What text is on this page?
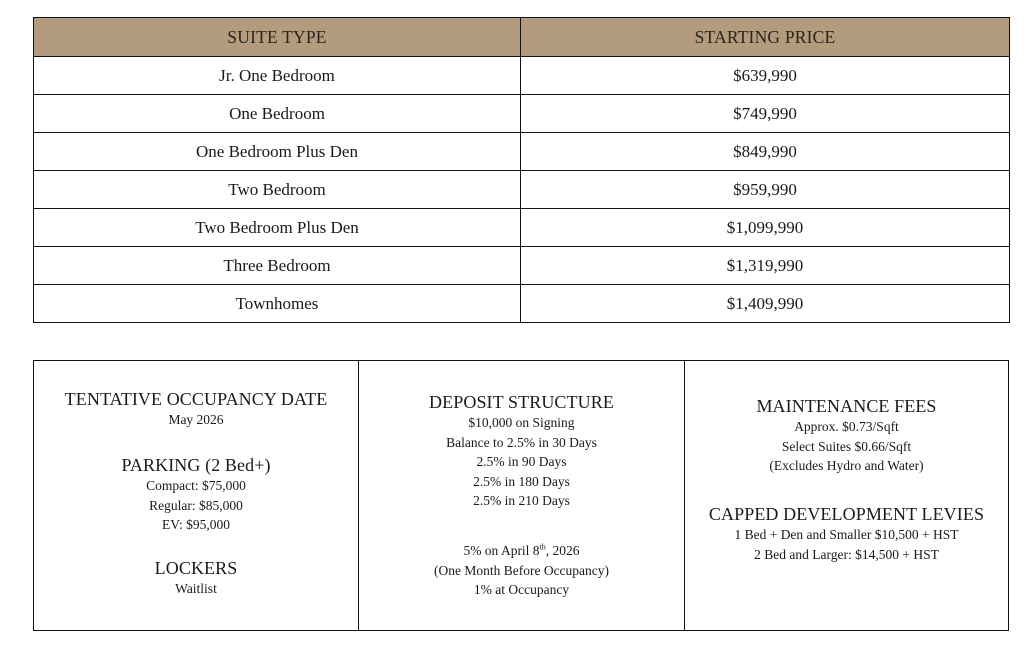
SUITE TYPE	STARTING PRICE
Jr. One Bedroom	$639,990
One Bedroom	$749,990
One Bedroom Plus Den	$849,990
Two Bedroom	$959,990
Two Bedroom Plus Den	$1,099,990
Three Bedroom	$1,319,990
Townhomes	$1,409,990

TENTATIVE OCCUPANCY DATE

May 2026

PARKING (2 Bed+)

Compact: $75,000

Regular: $85,000

EV: $95,000

LOCKERS

Waitlist

DEPOSIT STRUCTURE

$10,000 on Signing

Balance to 2.5% in 30 Days

2.5% in 90 Days

2.5% in 180 Days

2.5% in 210 Days

5% on April 8th, 2026

(One Month Before Occupancy)

1% at Occupancy

MAINTENANCE FEES

Approx. $0.73/Sqft

Select Suites $0.66/Sqft

(Excludes Hydro and Water)

CAPPED DEVELOPMENT LEVIES

1 Bed + Den and Smaller $10,500 + HST

2 Bed and Larger: $14,500 + HST
